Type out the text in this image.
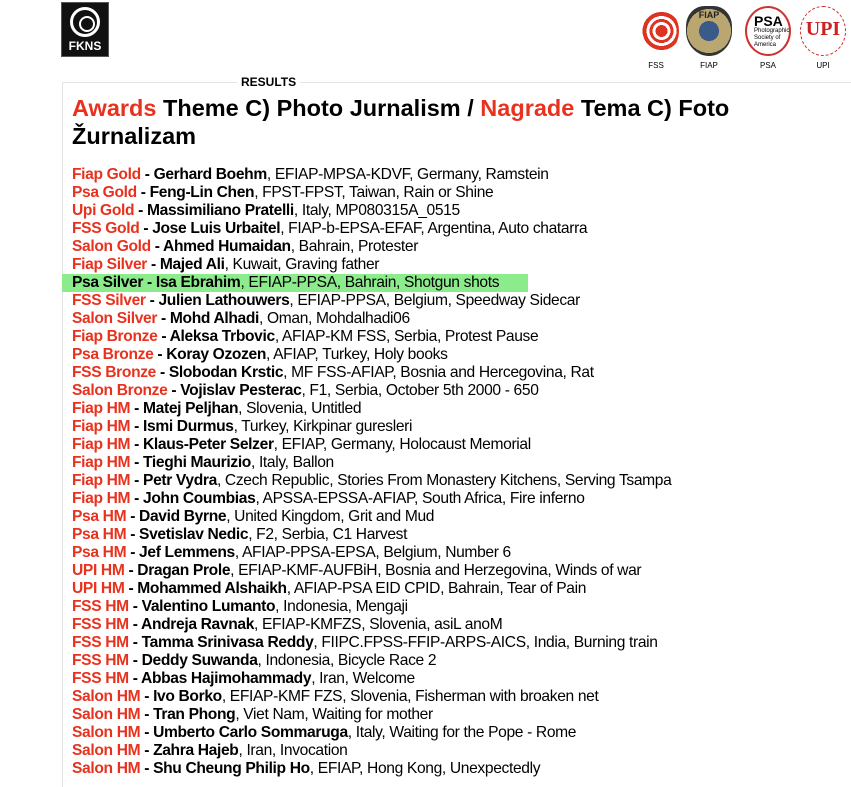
FKNS
FSS
FIAP
FIAP
PSA
Photographic Society of America
PSA
UPI
UPI
RESULTS
Awards Theme C) Photo Jurnalism / Nagrade Tema C) Foto Žurnalizam
Fiap Gold - Gerhard Boehm, EFIAP-MPSA-KDVF, Germany, Ramstein
Psa Gold - Feng-Lin Chen, FPST-FPST, Taiwan, Rain or Shine
Upi Gold - Massimiliano Pratelli, Italy, MP080315A_0515
FSS Gold - Jose Luis Urbaitel, FIAP-b-EPSA-EFAF, Argentina, Auto chatarra
Salon Gold - Ahmed Humaidan, Bahrain, Protester
Fiap Silver - Majed Ali, Kuwait, Graving father
Psa Silver - Isa Ebrahim, EFIAP-PPSA, Bahrain, Shotgun shots
FSS Silver - Julien Lathouwers, EFIAP-PPSA, Belgium, Speedway Sidecar
Salon Silver - Mohd Alhadi, Oman, Mohdalhadi06
Fiap Bronze - Aleksa Trbovic, AFIAP-KM FSS, Serbia, Protest Pause
Psa Bronze - Koray Ozozen, AFIAP, Turkey, Holy books
FSS Bronze - Slobodan Krstic, MF FSS-AFIAP, Bosnia and Hercegovina, Rat
Salon Bronze - Vojislav Pesterac, F1, Serbia, October 5th 2000 - 650
Fiap HM - Matej Peljhan, Slovenia, Untitled
Fiap HM - Ismi Durmus, Turkey, Kirkpinar guresleri
Fiap HM - Klaus-Peter Selzer, EFIAP, Germany, Holocaust Memorial
Fiap HM - Tieghi Maurizio, Italy, Ballon
Fiap HM - Petr Vydra, Czech Republic, Stories From Monastery Kitchens, Serving Tsampa
Fiap HM - John Coumbias, APSSA-EPSSA-AFIAP, South Africa, Fire inferno
Psa HM - David Byrne, United Kingdom, Grit and Mud
Psa HM - Svetislav Nedic, F2, Serbia, C1 Harvest
Psa HM - Jef Lemmens, AFIAP-PPSA-EPSA, Belgium, Number 6
UPI HM - Dragan Prole, EFIAP-KMF-AUFBiH, Bosnia and Herzegovina, Winds of war
UPI HM - Mohammed Alshaikh, AFIAP-PSA EID CPID, Bahrain, Tear of Pain
FSS HM - Valentino Lumanto, Indonesia, Mengaji
FSS HM - Andreja Ravnak, EFIAP-KMFZS, Slovenia, asiL anoM
FSS HM - Tamma Srinivasa Reddy, FIIPC.FPSS-FFIP-ARPS-AICS, India, Burning train
FSS HM - Deddy Suwanda, Indonesia, Bicycle Race 2
FSS HM - Abbas Hajimohammady, Iran, Welcome
Salon HM - Ivo Borko, EFIAP-KMF FZS, Slovenia, Fisherman with broaken net
Salon HM - Tran Phong, Viet Nam, Waiting for mother
Salon HM - Umberto Carlo Sommaruga, Italy, Waiting for the Pope - Rome
Salon HM - Zahra Hajeb, Iran, Invocation
Salon HM - Shu Cheung Philip Ho, EFIAP, Hong Kong, Unexpectedly
